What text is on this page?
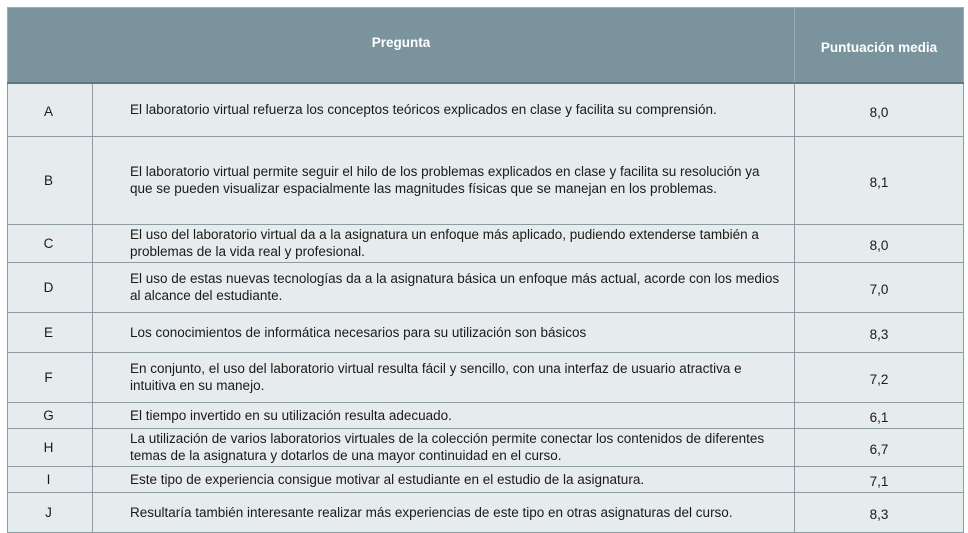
Pregunta		Puntuación media
A	El laboratorio virtual refuerza los conceptos teóricos explicados en clase y facilita su comprensión.	8,0
B	El laboratorio virtual permite seguir el hilo de los problemas explicados en clase y facilita su resolución ya que se pueden visualizar espacialmente las magnitudes físicas que se manejan en los problemas.	8,1
C	El uso del laboratorio virtual da a la asignatura un enfoque más aplicado, pudiendo extenderse también a problemas de la vida real y profesional.	8,0
D	El uso de estas nuevas tecnologías da a la asignatura básica un enfoque más actual, acorde con los medios al alcance del estudiante.	7,0
E	Los conocimientos de informática necesarios para su utilización son básicos	8,3
F	En conjunto, el uso del laboratorio virtual resulta fácil y sencillo, con una interfaz de usuario atractiva e intuitiva en su manejo.	7,2
G	El tiempo invertido en su utilización resulta adecuado.	6,1
H	La utilización de varios laboratorios virtuales de la colección permite conectar los contenidos de diferentes temas de la asignatura y dotarlos de una mayor continuidad en el curso.	6,7
I	Este tipo de experiencia consigue motivar al estudiante en el estudio de la asignatura.	7,1
J	Resultaría también interesante realizar más experiencias de este tipo en otras asignaturas del curso.	8,3
